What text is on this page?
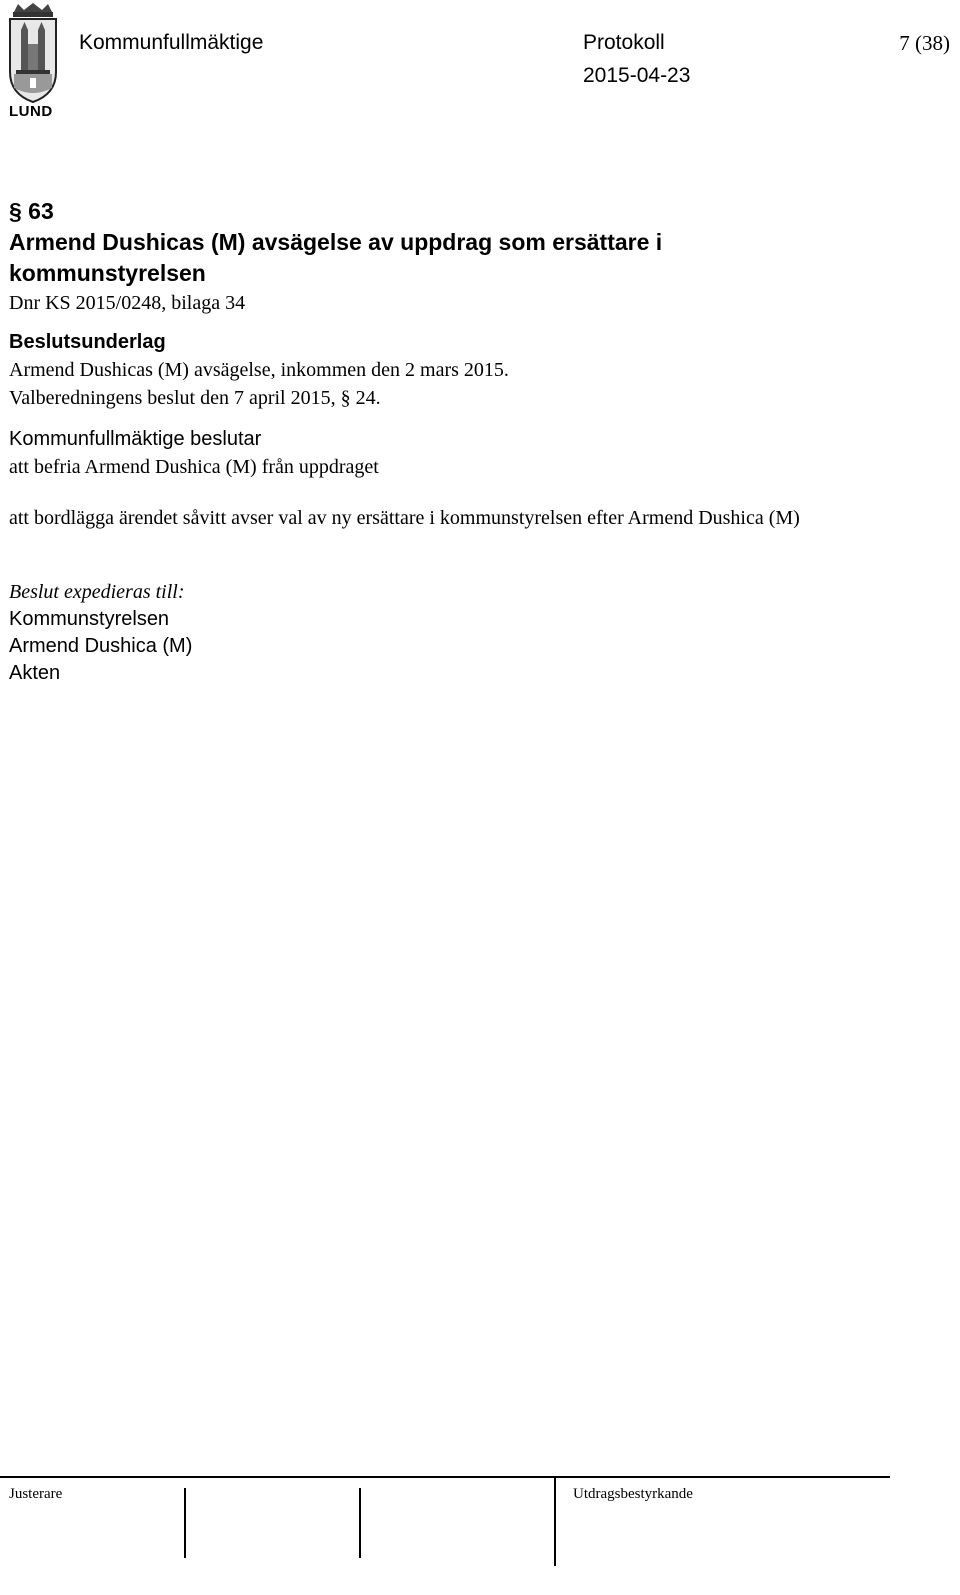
LUND
Kommunfullmäktige	Protokoll
2015-04-23
7 (38)
§ 63
Armend Dushicas (M) avsägelse av uppdrag som ersättare i
kommunstyrelsen
Dnr KS 2015/0248, bilaga 34
Beslutsunderlag
Armend Dushicas (M) avsägelse, inkommen den 2 mars 2015.
Valberedningens beslut den 7 april 2015, § 24.
Kommunfullmäktige beslutar
att befria Armend Dushica (M) från uppdraget
att bordlägga ärendet såvitt avser val av ny ersättare i kommunstyrelsen efter Armend Dushica (M)
Beslut expedieras till:
Kommunstyrelsen
Armend Dushica (M)
Akten
Justerare	Utdragsbestyrkande
